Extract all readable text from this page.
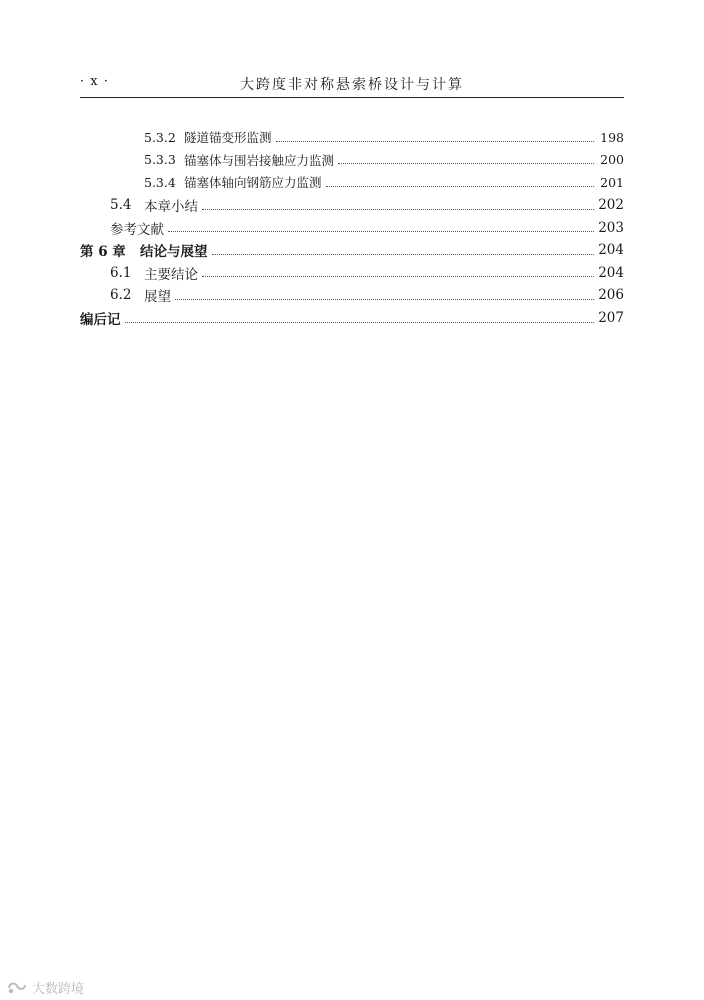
· x ·	大跨度非对称悬索桥设计与计算
5.3.2 隧道锚变形监测	198
5.3.3 锚塞体与围岩接触应力监测	200
5.3.4 锚塞体轴向钢筋应力监测	201
5.4 本章小结	202
参考文献	203
第 6 章	结论与展望	204
6.1 主要结论	204
6.2 展望	206
编后记	207
大数跨境
